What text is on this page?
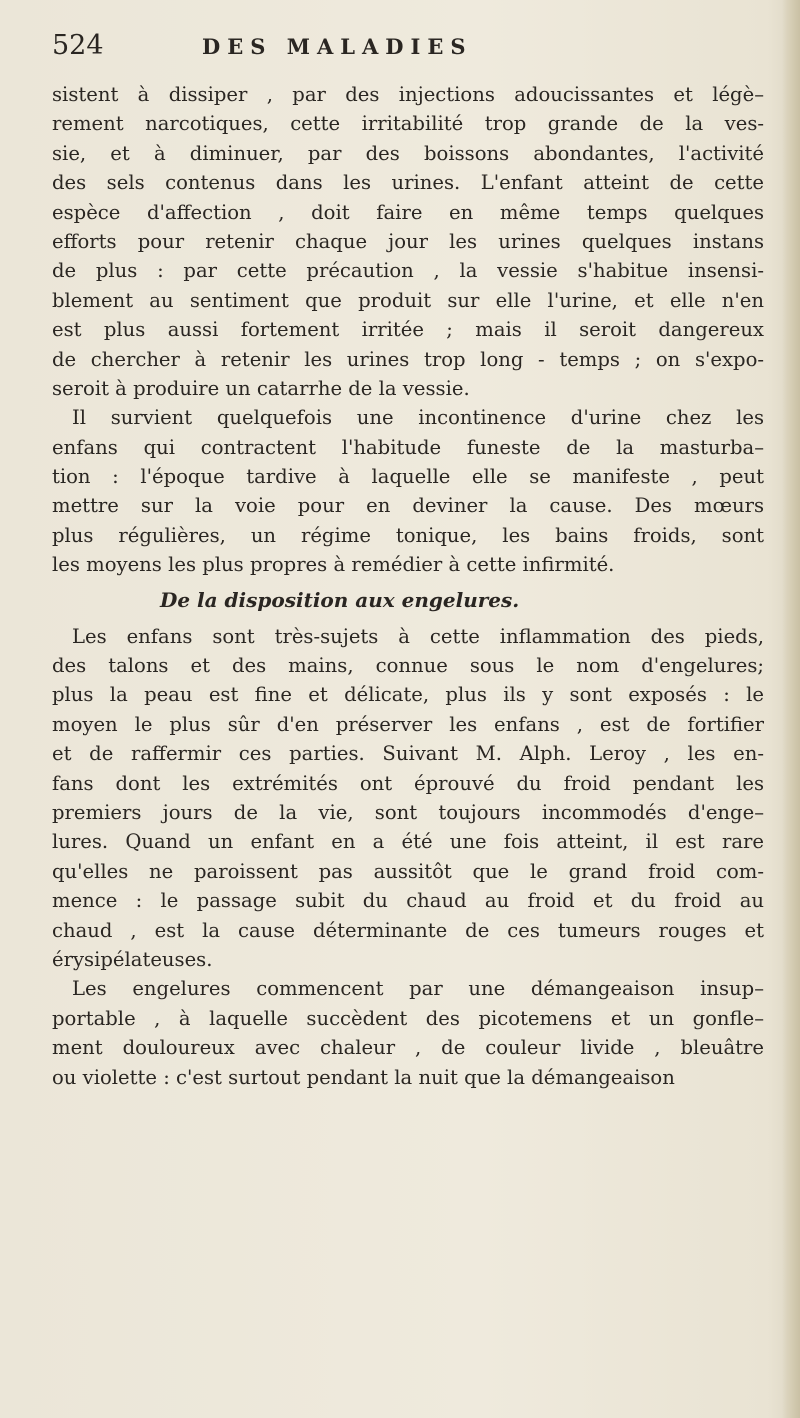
524	DES MALADIES
sistent à dissiper , par des injections adoucissantes et légè–
rement narcotiques, cette irritabilité trop grande de la ves-
sie, et à diminuer, par des boissons abondantes, l'activité
des sels contenus dans les urines. L'enfant atteint de cette
espèce d'affection , doit faire en même temps quelques
efforts pour retenir chaque jour les urines quelques instans
de plus : par cette précaution , la vessie s'habitue insensi-
blement au sentiment que produit sur elle l'urine, et elle n'en
est plus aussi fortement irritée ; mais il seroit dangereux
de chercher à retenir les urines trop long - temps ; on s'expo-
seroit à produire un catarrhe de la vessie.
Il survient quelquefois une incontinence d'urine chez les
enfans qui contractent l'habitude funeste de la masturba–
tion : l'époque tardive à laquelle elle se manifeste , peut
mettre sur la voie pour en deviner la cause. Des mœurs
plus régulières, un régime tonique, les bains froids, sont
les moyens les plus propres à remédier à cette infirmité.
De la disposition aux engelures.
Les enfans sont très-sujets à cette inflammation des pieds,
des talons et des mains, connue sous le nom d'engelures;
plus la peau est fine et délicate, plus ils y sont exposés : le
moyen le plus sûr d'en préserver les enfans , est de fortifier
et de raffermir ces parties. Suivant M. Alph. Leroy , les en-
fans dont les extrémités ont éprouvé du froid pendant les
premiers jours de la vie, sont toujours incommodés d'enge–
lures. Quand un enfant en a été une fois atteint, il est rare
qu'elles ne paroissent pas aussitôt que le grand froid com-
mence : le passage subit du chaud au froid et du froid au
chaud , est la cause déterminante de ces tumeurs rouges et
érysipélateuses.
Les engelures commencent par une démangeaison insup–
portable , à laquelle succèdent des picotemens et un gonfle–
ment douloureux avec chaleur , de couleur livide , bleuâtre
ou violette : c'est surtout pendant la nuit que la démangeaison
